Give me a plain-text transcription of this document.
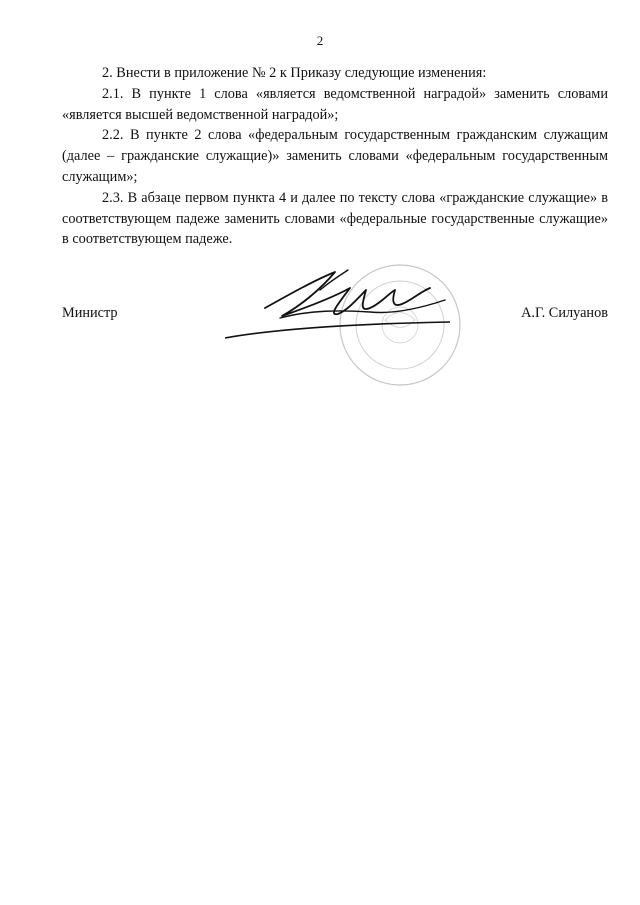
2

2. Внести в приложение № 2 к Приказу следующие изменения:

2.1. В пункте 1 слова «является ведомственной наградой» заменить словами «является высшей ведомственной наградой»;

2.2. В пункте 2 слова «федеральным государственным гражданским служащим (далее – гражданские служащие)» заменить словами «федеральным государственным служащим»;

2.3. В абзаце первом пункта 4 и далее по тексту слова «гражданские служащие» в соответствующем падеже заменить словами «федеральные государственные служащие» в соответствующем падеже.

Министр	А.Г. Силуанов
